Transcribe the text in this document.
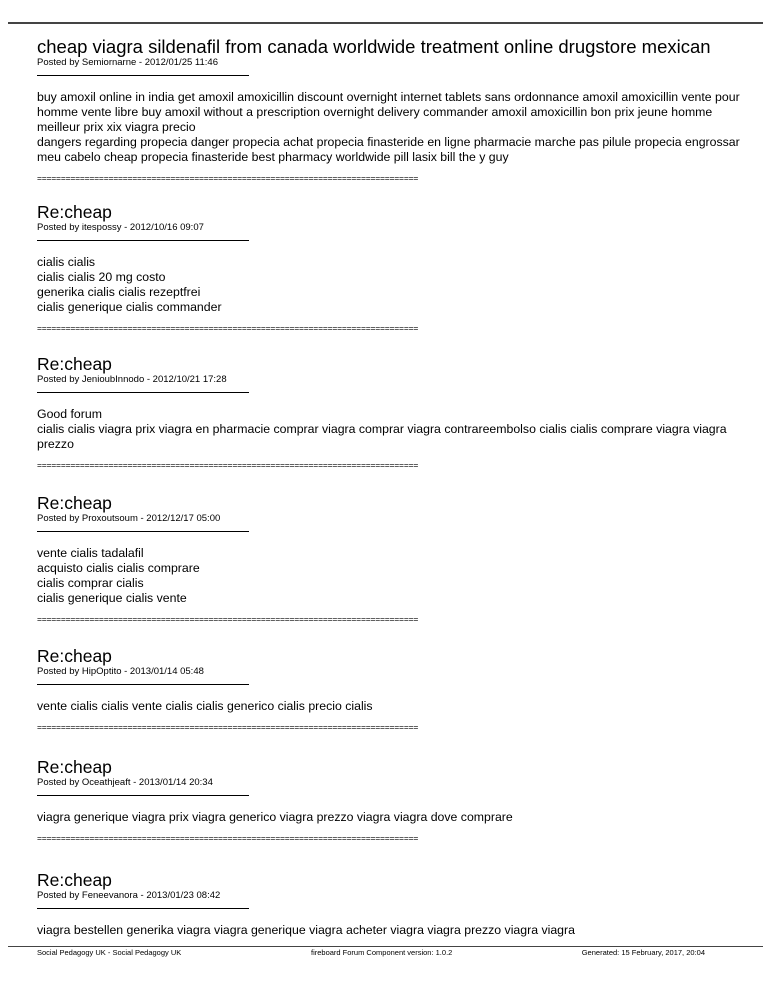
cheap viagra sildenafil from canada worldwide treatment online drugstore mexican
Posted by Semiornarne - 2012/01/25 11:46
buy amoxil online in india get amoxil amoxicillin discount overnight internet tablets sans ordonnance amoxil amoxicillin vente pour homme vente libre buy amoxil without a prescription overnight delivery commander amoxil amoxicillin bon prix jeune homme meilleur prix xix viagra precio
dangers regarding propecia danger propecia achat propecia finasteride en ligne pharmacie marche pas pilule propecia engrossar meu cabelo cheap propecia finasteride best pharmacy worldwide pill lasix bill the y guy
================================================================================
Re:cheap
Posted by itespossy - 2012/10/16 09:07
cialis cialis
cialis cialis 20 mg costo
generika cialis cialis rezeptfrei
cialis generique cialis commander
================================================================================
Re:cheap
Posted by JenioubInnodo - 2012/10/21 17:28
Good forum
cialis cialis viagra prix viagra en pharmacie comprar viagra comprar viagra contrareembolso cialis cialis comprare viagra viagra prezzo
================================================================================
Re:cheap
Posted by Proxoutsoum - 2012/12/17 05:00
vente cialis tadalafil
acquisto cialis cialis comprare
cialis comprar cialis
cialis generique cialis vente
================================================================================
Re:cheap
Posted by HipOptito - 2013/01/14 05:48
vente cialis cialis vente cialis cialis generico cialis precio cialis
================================================================================
Re:cheap
Posted by Oceathjeaft - 2013/01/14 20:34
viagra generique viagra prix viagra generico viagra prezzo viagra viagra dove comprare
================================================================================
Re:cheap
Posted by Feneevanora - 2013/01/23 08:42
viagra bestellen generika viagra viagra generique viagra acheter viagra viagra prezzo viagra viagra
Social Pedagogy UK - Social Pedagogy UK	fireboard Forum Component version: 1.0.2	Generated: 15 February, 2017, 20:04
